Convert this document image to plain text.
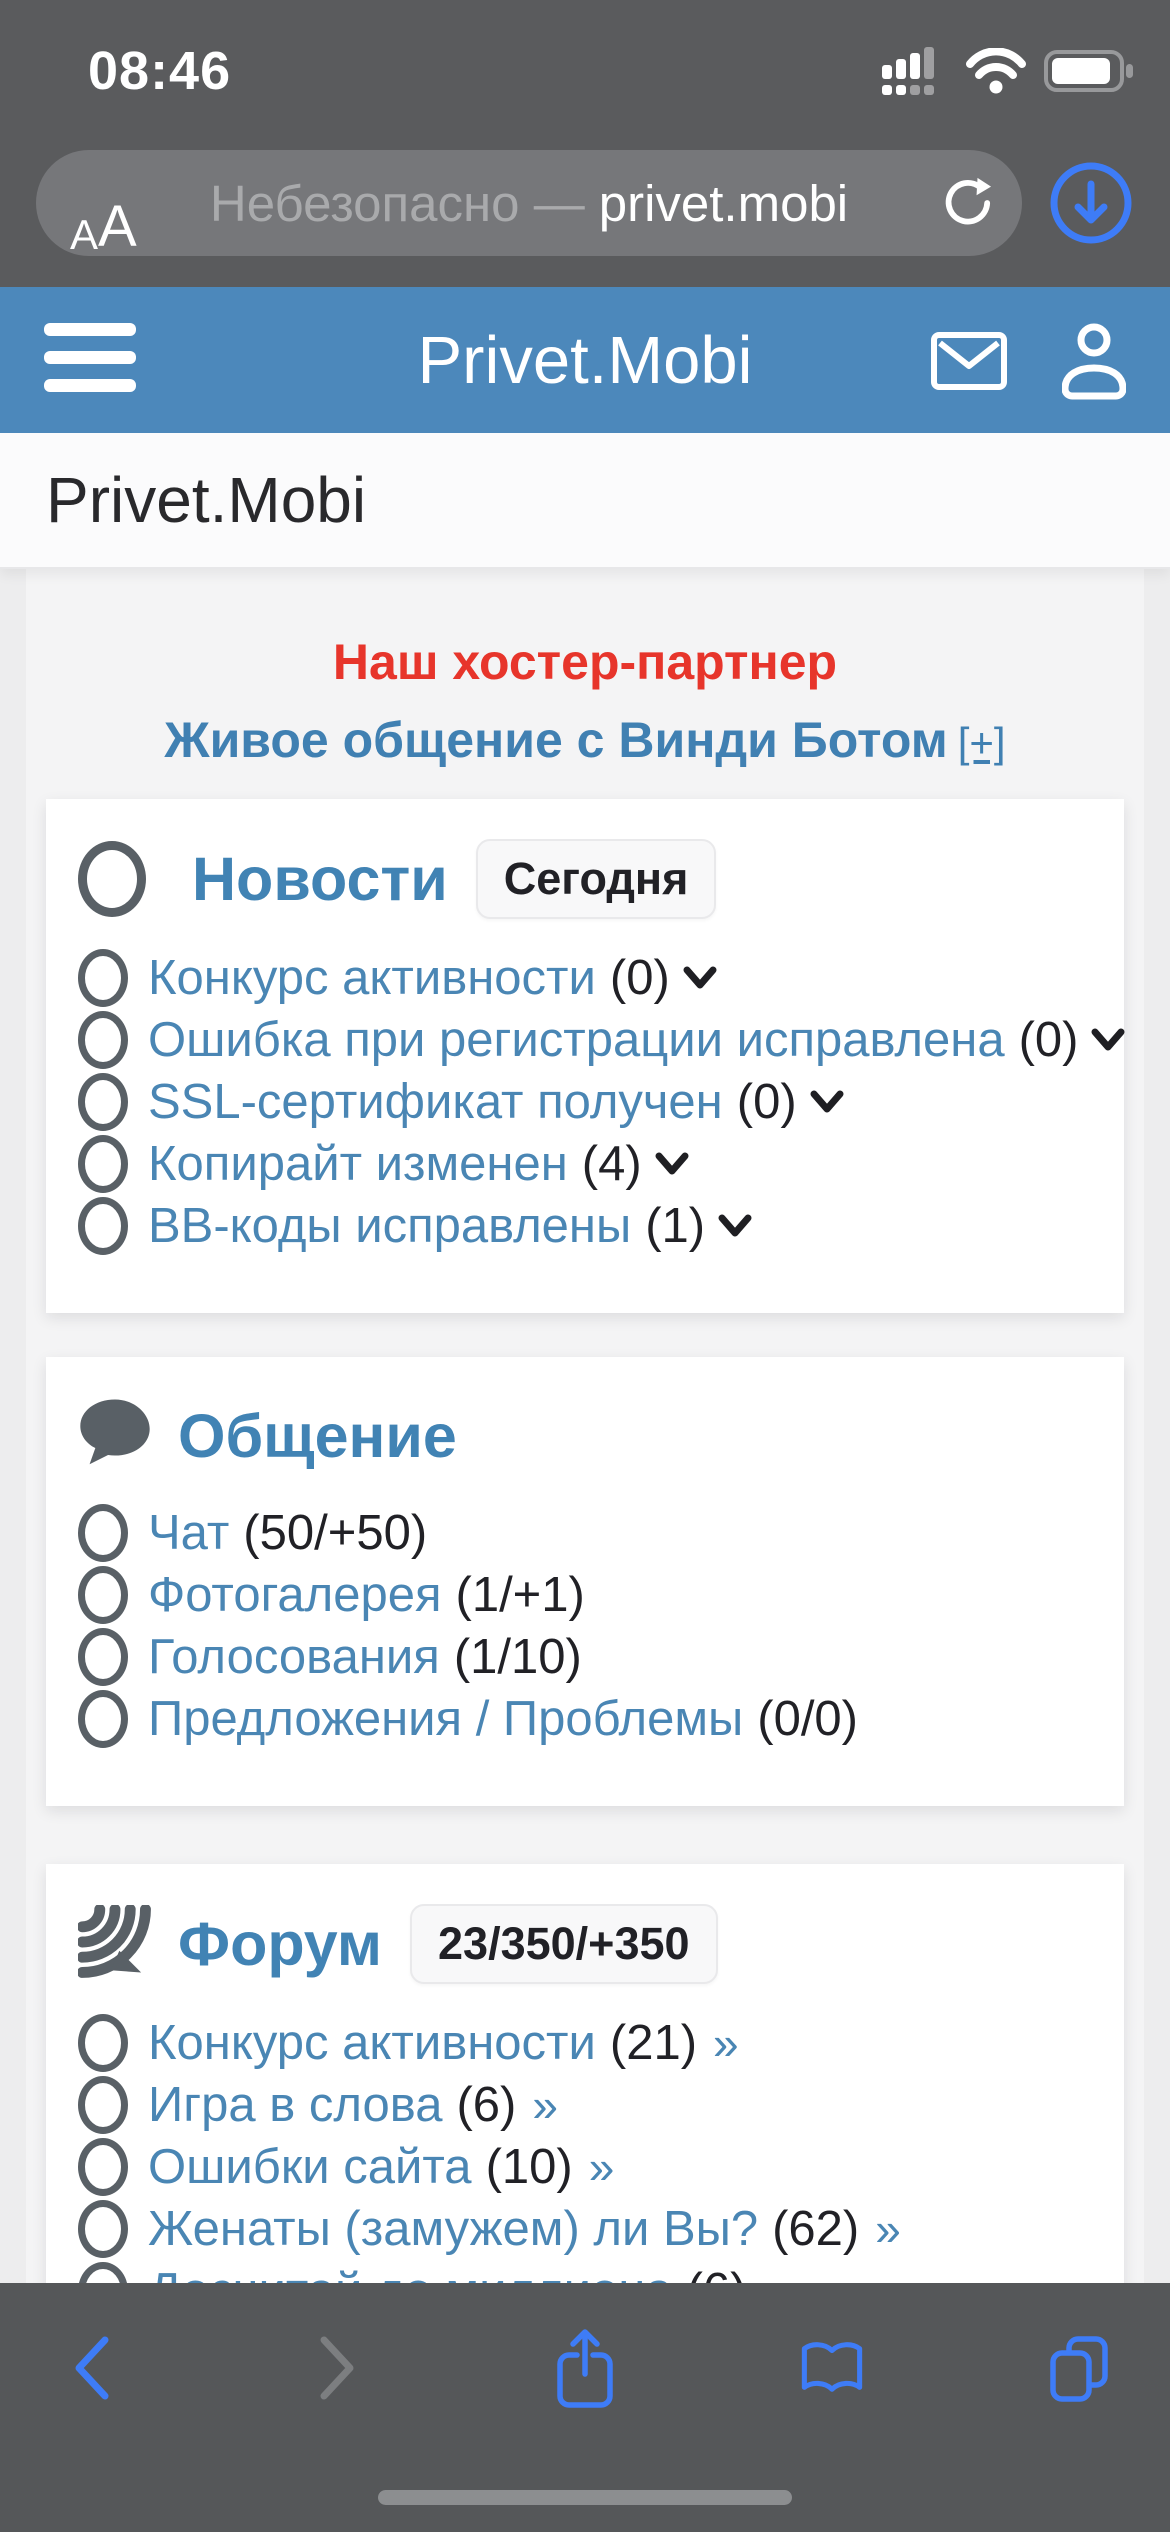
08:46
A A Небезопасно — privet.mobi
Privet.Mobi
Privet.Mobi
Наш хостер-партнер
Живое общение с Винди Ботом [+]
Новости	Сегодня
Конкурс активности (0)
Ошибка при регистрации исправлена (0)
SSL-сертификат получен (0)
Копирайт изменен (4)
BB-коды исправлены (1)
Общение
Чат (50/+50)
Фотогалерея (1/+1)
Голосования (1/10)
Предложения / Проблемы (0/0)
Форум	23/350/+350
Конкурс активности (21) »
Игра в слова (6) »
Ошибки сайта (10) »
Женаты (замужем) ли Вы? (62) »
